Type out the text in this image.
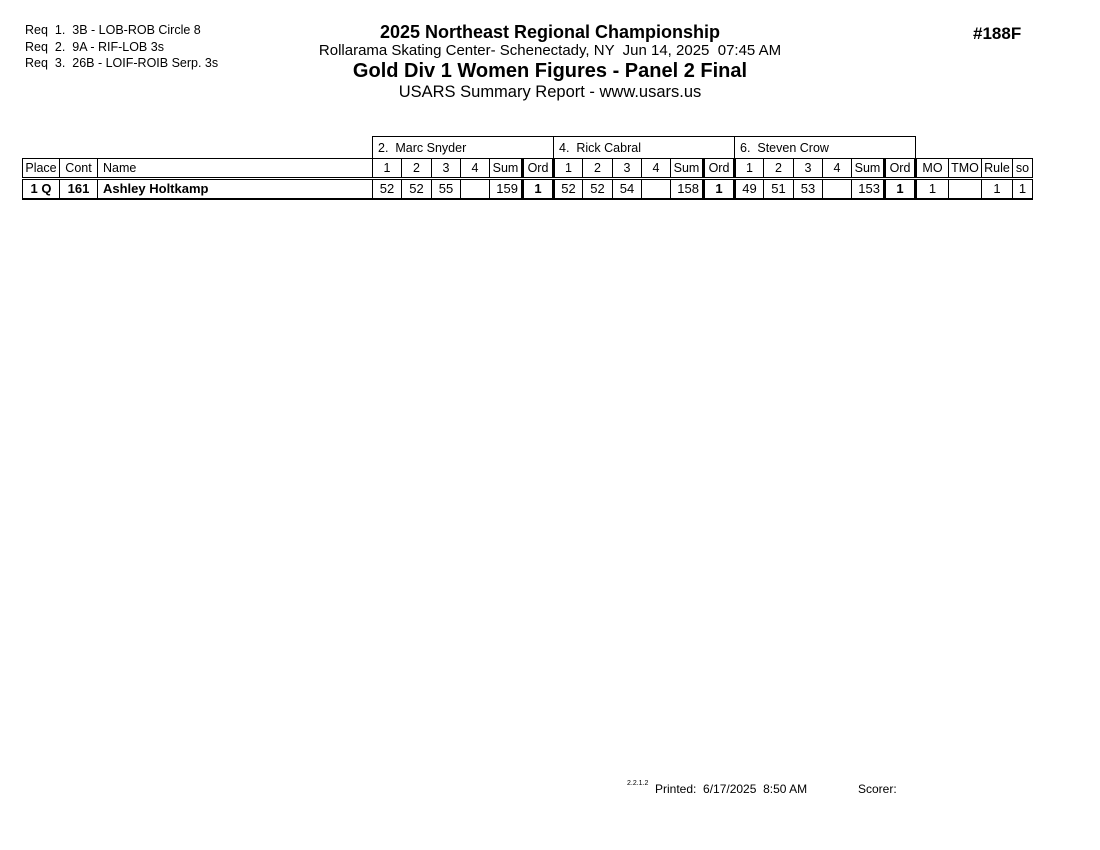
Req  1.  3B - LOB-ROB Circle 8
Req  2.  9A - RIF-LOB 3s
Req  3.  26B - LOIF-ROIB Serp. 3s
2025 Northeast Regional Championship
Rollarama Skating Center- Schenectady, NY  Jun 14, 2025  07:45 AM
Gold Div 1 Women Figures - Panel 2 Final
USARS Summary Report - www.usars.us
#188F
			2.  Marc Snyder						4.  Rick Cabral						6.  Steven Crow									
Place	Cont	Name	1	2	3	4	Sum	Ord	1	2	3	4	Sum	Ord	1	2	3	4	Sum	Ord	MO	TMO	Rule	so
1 Q	161	Ashley Holtkamp	52	52	55		159	1	52	52	54		158	1	49	51	53		153	1	1		1	1
2.2.1.2 Printed:  6/17/2025  8:50 AM	Scorer:
